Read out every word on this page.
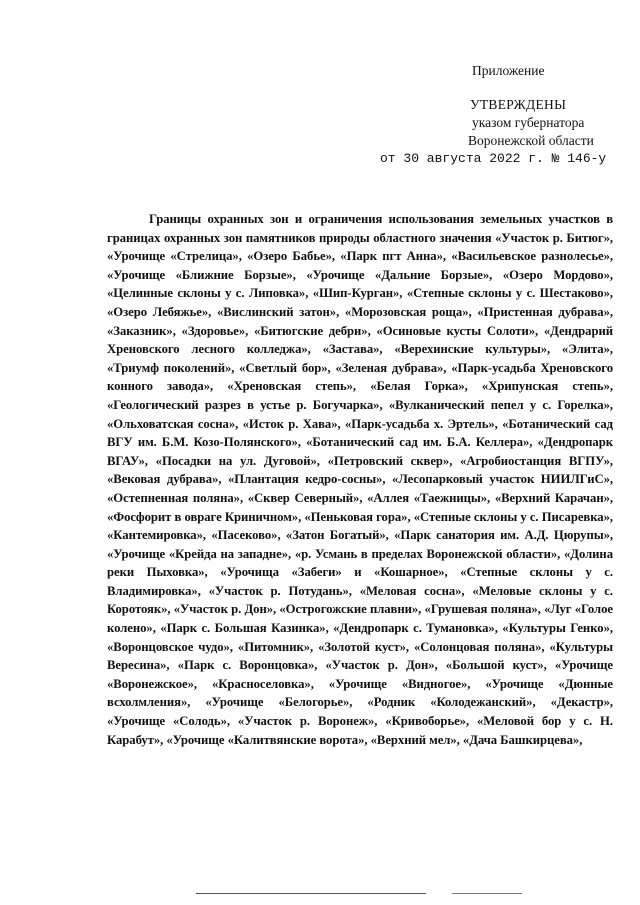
Приложение
УТВЕРЖДЕНЫ
указом губернатора
Воронежской области
от 30 августа 2022 г. № 146-у

Границы охранных зон и ограничения использования земельных участков в границах охранных зон памятников природы областного значения «Участок р. Битюг», «Урочище «Стрелица», «Озеро Бабье», «Парк пгт Анна», «Васильевское разнолесье», «Урочище «Ближние Борзые», «Урочище «Дальние Борзые», «Озеро Мордово», «Целинные склоны у с. Липовка», «Шип-Курган», «Степные склоны у с. Шестаково», «Озеро Лебяжье», «Вислинский затон», «Морозовская роща», «Пристенная дубрава», «Заказник», «Здоровье», «Битюгские дебри», «Осиновые кусты Солоти», «Дендрарий Хреновского лесного колледжа», «Застава», «Верехинские культуры», «Элита», «Триумф поколений», «Светлый бор», «Зеленая дубрава», «Парк-усадьба Хреновского конного завода», «Хреновская степь», «Белая Горка», «Хрипунская степь», «Геологический разрез в устье р. Богучарка», «Вулканический пепел у с. Горелка», «Ольховатская сосна», «Исток р. Хава», «Парк-усадьба х. Эртель», «Ботанический сад ВГУ им. Б.М. Козо-Полянского», «Ботанический сад им. Б.А. Келлера», «Дендропарк ВГАУ», «Посадки на ул. Дуговой», «Петровский сквер», «Агробиостанция ВГПУ», «Вековая дубрава», «Плантация кедро-сосны», «Лесопарковый участок НИИЛГиС», «Остепненная поляна», «Сквер Северный», «Аллея «Таежницы», «Верхний Карачан», «Фосфорит в овраге Криничном», «Пеньковая гора», «Степные склоны у с. Писаревка», «Кантемировка», «Пасеково», «Затон Богатый», «Парк санатория им. А.Д. Цюрупы», «Урочище «Крейда на западне», «р. Усмань в пределах Воронежской области», «Долина реки Пыховка», «Урочища «Забеги» и «Кошарное», «Степные склоны у с. Владимировка», «Участок р. Потудань», «Меловая сосна», «Меловые склоны у с. Коротояк», «Участок р. Дон», «Острогожские плавни», «Грушевая поляна», «Луг «Голое колено», «Парк с. Большая Казинка», «Дендропарк с. Тумановка», «Культуры Генко», «Воронцовское чудо», «Питомник», «Золотой куст», «Солонцовая поляна», «Культуры Вересина», «Парк с. Воронцовка», «Участок р. Дон», «Большой куст», «Урочище «Воронежское», «Красноселовка», «Урочище «Видногое», «Урочище «Дюнные всхолмления», «Урочище «Белогорье», «Родник «Колодежанский», «Декастр», «Урочище «Солодь», «Участок р. Воронеж», «Кривоборье», «Меловой бор у с. Н. Карабут», «Урочище «Калитвянские ворота», «Верхний мел», «Дача Башкирцева»,
